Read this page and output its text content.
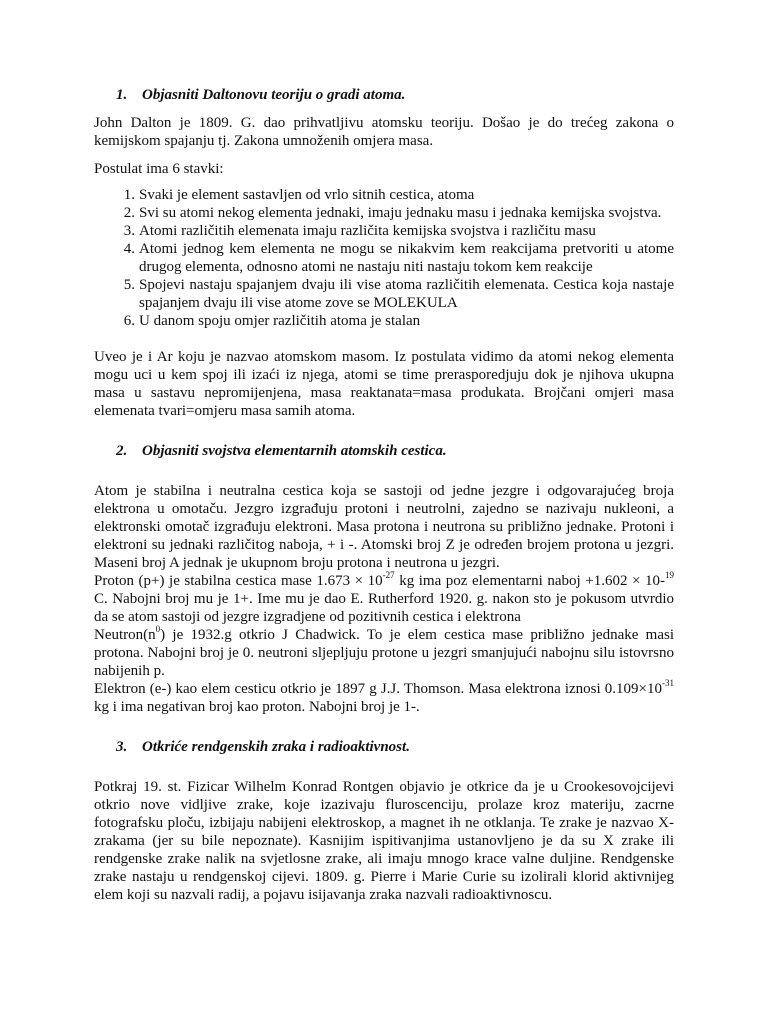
1. Objasniti Daltonovu teoriju o gradi atoma.

John Dalton je 1809. G. dao prihvatljivu atomsku teoriju. Došao je do trećeg zakona o kemijskom spajanju tj. Zakona umnoženih omjera masa.

Postulat ima 6 stavki:

1. Svaki je element sastavljen od vrlo sitnih cestica, atoma
2. Svi su atomi nekog elementa jednaki, imaju jednaku masu i jednaka kemijska svojstva.
3. Atomi različitih elemenata imaju različita kemijska svojstva i različitu masu
4. Atomi jednog kem elementa ne mogu se nikakvim kem reakcijama pretvoriti u atome drugog elementa, odnosno atomi ne nastaju niti nastaju tokom kem reakcije
5. Spojevi nastaju spajanjem dvaju ili vise atoma različitih elemenata. Cestica koja nastaje spajanjem dvaju ili vise atome zove se MOLEKULA
6. U danom spoju omjer različitih atoma je stalan

Uveo je i Ar koju je nazvao atomskom masom. Iz postulata vidimo da atomi nekog elementa mogu uci u kem spoj ili izaći iz njega, atomi se time prerasporedjuju dok je njihova ukupna masa u sastavu nepromijenjena, masa reaktanata=masa produkata. Brojčani omjeri masa elemenata tvari=omjeru masa samih atoma.

2. Objasniti svojstva elementarnih atomskih cestica.

Atom je stabilna i neutralna cestica koja se sastoji od jedne jezgre i odgovarajućeg broja elektrona u omotaču. Jezgro izgrađuju protoni i neutrolni, zajedno se nazivaju nukleoni, a elektronski omotač izgrađuju elektroni. Masa protona i neutrona su približno jednake. Protoni i elektroni su jednaki različitog naboja, + i -. Atomski broj Z je određen brojem protona u jezgri. Maseni broj A jednak je ukupnom broju protona i neutrona u jezgri.

Proton (p+) je stabilna cestica mase $1.673 \times 10^{-27}$ kg ima poz elementarni naboj +1.602 × 10-$^{19}$ C. Nabojni broj mu je 1+. Ime mu je dao E. Rutherford 1920. g. nakon sto je pokusom utvrdio da se atom sastoji od jezgre izgradjene od pozitivnih cestica i elektrona

$Neutron(n^0)$ je 1932.g otkrio J Chadwick. To je elem cestica mase približno jednake masi protona. Nabojni broj je 0. neutroni sljepljuju protone u jezgri smanjujući nabojnu silu istovrsno nabijenih p.

Elektron (e-) kao elem cesticu otkrio je 1897 g J.J. Thomson. Masa elektrona iznosi $0.109\times 10^{-31}$ kg i ima negativan broj kao proton. Nabojni broj je 1-.

3. Otkriće rendgenskih zraka i radioaktivnost.

Potkraj 19. st. Fizicar Wilhelm Konrad Rontgen objavio je otkrice da je u Crookesovojcijevi otkrio nove vidljive zrake, koje izazivaju fluroscenciju, prolaze kroz materiju, zacrne fotografsku ploču, izbijaju nabijeni elektroskop, a magnet ih ne otklanja. Te zrake je nazvao X-zrakama (jer su bile nepoznate). Kasnijim ispitivanjima ustanovljeno je da su X zrake ili rendgenske zrake nalik na svjetlosne zrake, ali imaju mnogo krace valne duljine. Rendgenske zrake nastaju u rendgenskoj cijevi. 1809. g. Pierre i Marie Curie su izolirali klorid aktivnijeg elem koji su nazvali radij, a pojavu isijavanja zraka nazvali radioaktivnoscu.
